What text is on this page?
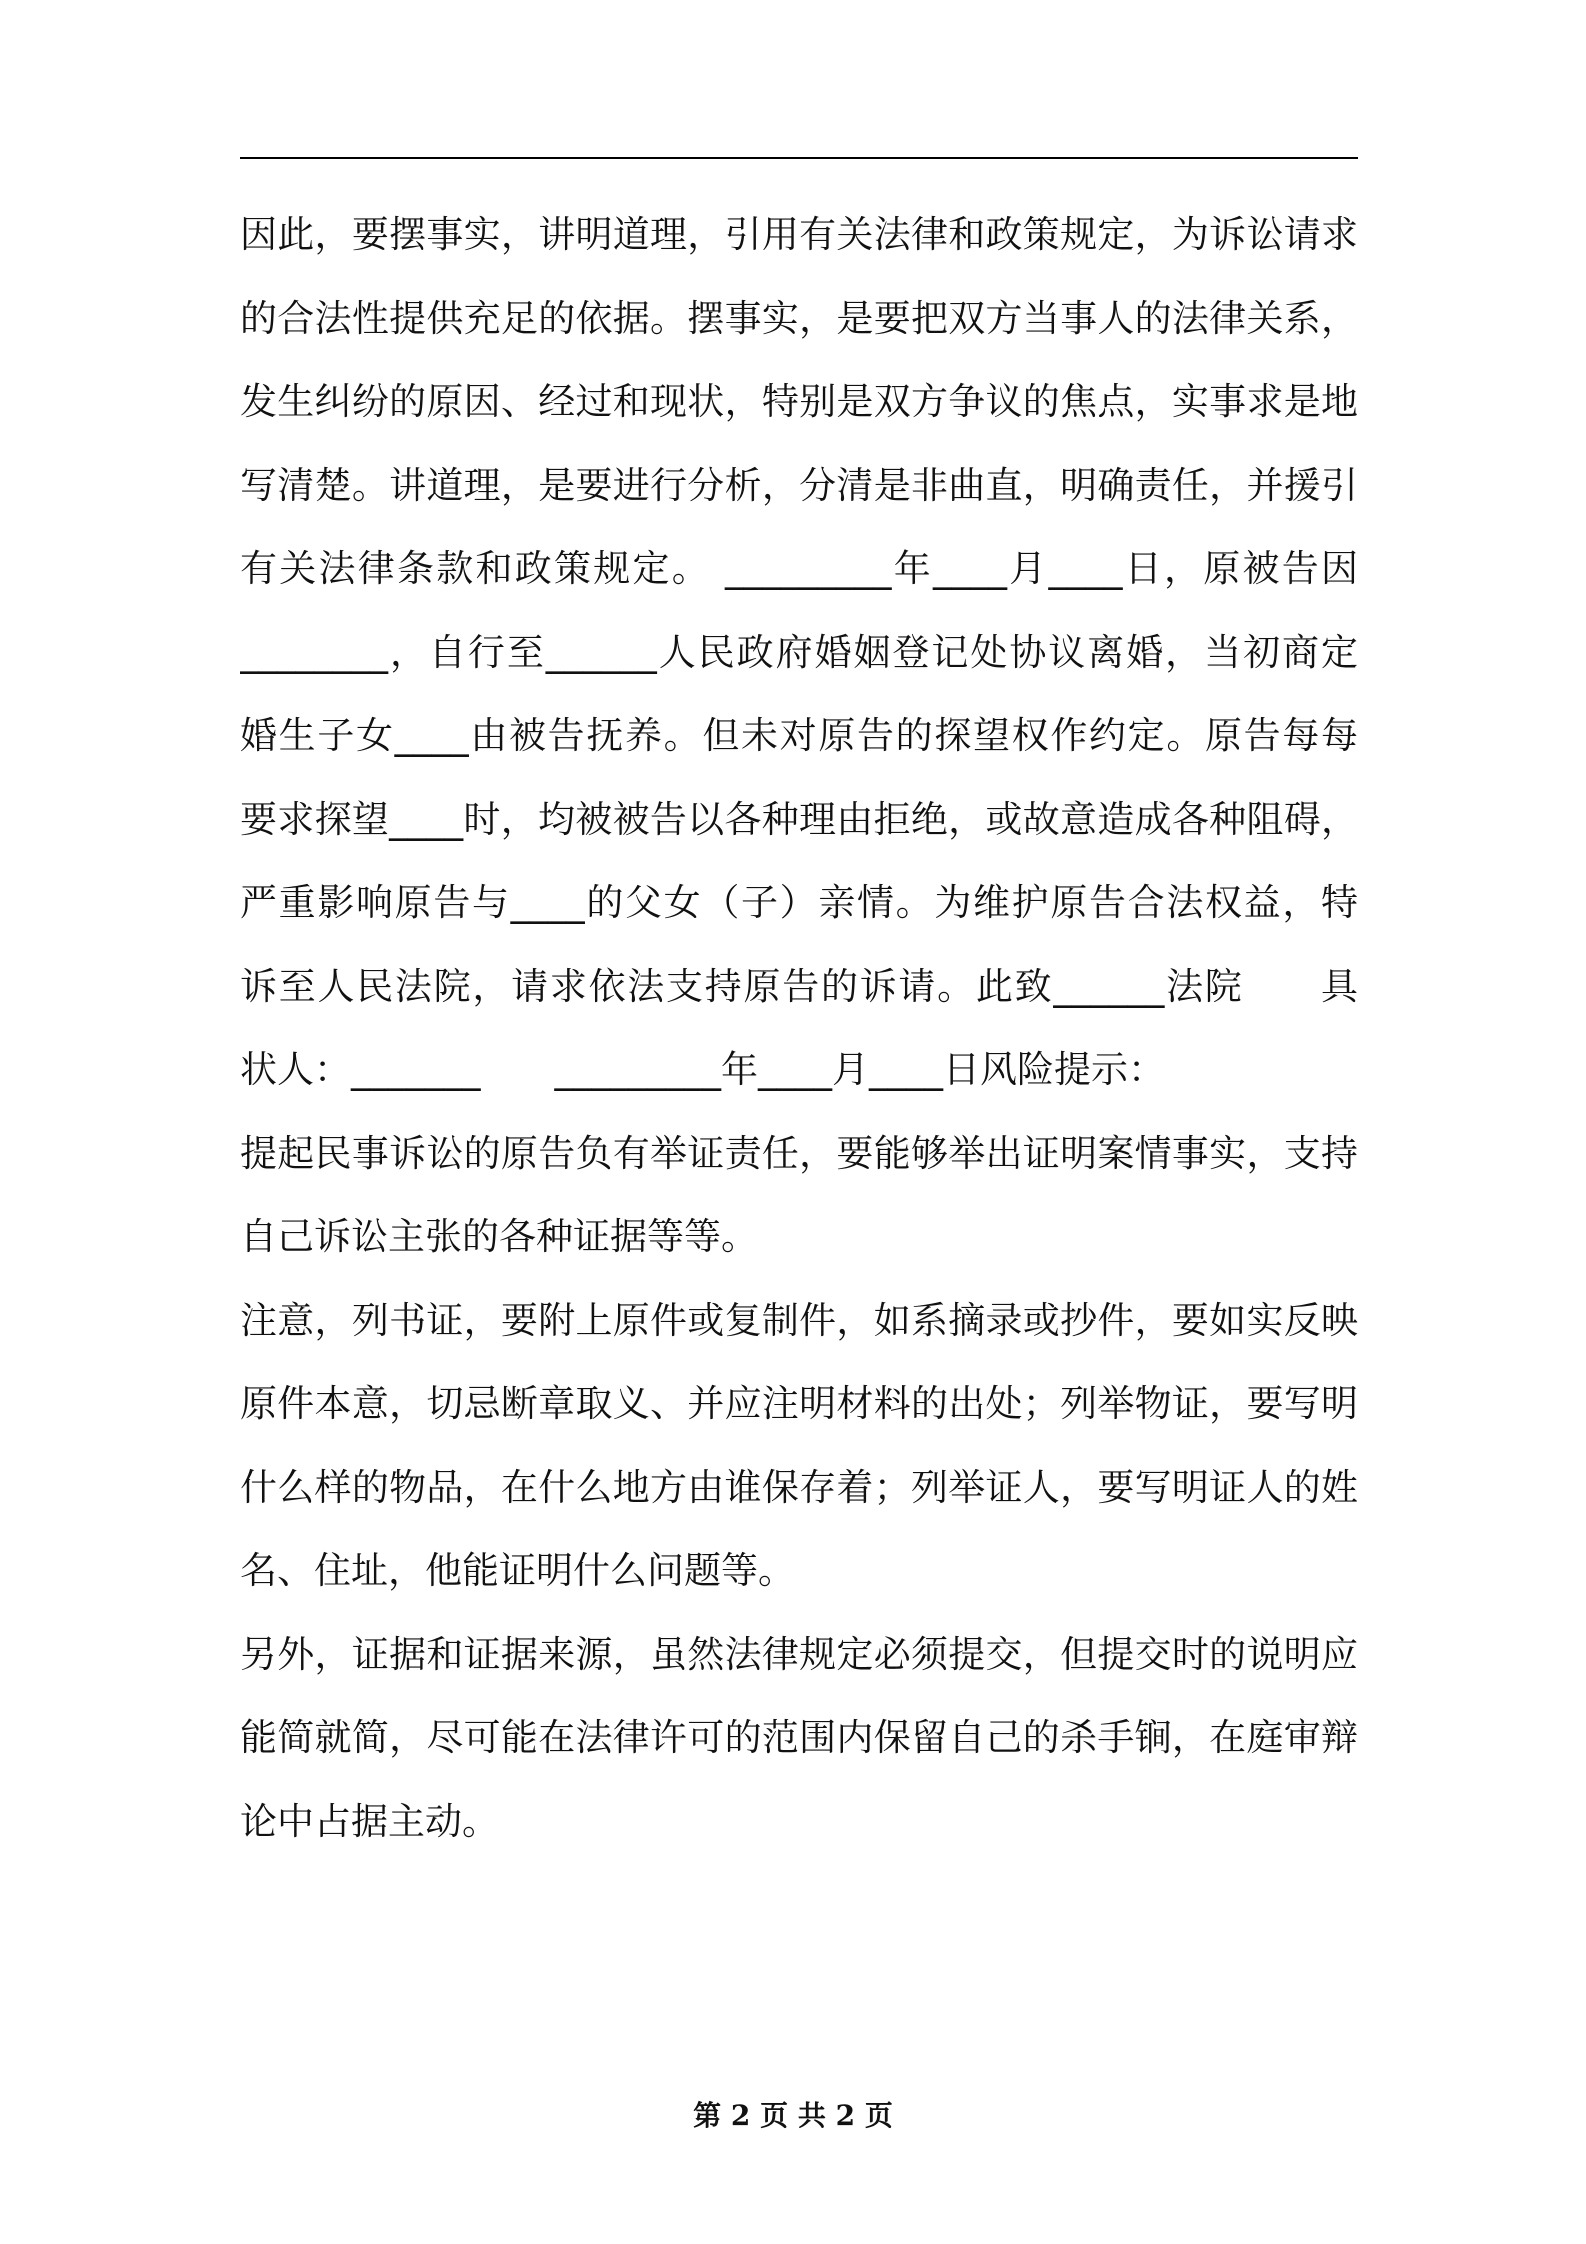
因此，要摆事实，讲明道理，引用有关法律和政策规定，为诉讼请求
的合法性提供充足的依据。摆事实，是要把双方当事人的法律关系，
发生纠纷的原因、经过和现状，特别是双方争议的焦点，实事求是地
写清楚。讲道理，是要进行分析，分清是非曲直，明确责任，并援引
有关法律条款和政策规定。 _________年____月____日，原被告因
________，自行至______人民政府婚姻登记处协议离婚，当初商定
婚生子女____由被告抚养。但未对原告的探望权作约定。原告每每
要求探望____时，均被被告以各种理由拒绝，或故意造成各种阻碍，
严重影响原告与____的父女（子）亲情。为维护原告合法权益，特
诉至人民法院，请求依法支持原告的诉请。此致______法院　　具
状人：_______　　_________年____月____日风险提示：
提起民事诉讼的原告负有举证责任，要能够举出证明案情事实，支持
自己诉讼主张的各种证据等等。
注意，列书证，要附上原件或复制件，如系摘录或抄件，要如实反映
原件本意，切忌断章取义、并应注明材料的出处；列举物证，要写明
什么样的物品，在什么地方由谁保存着；列举证人，要写明证人的姓
名、住址，他能证明什么问题等。
另外，证据和证据来源，虽然法律规定必须提交，但提交时的说明应
能简就简，尽可能在法律许可的范围内保留自己的杀手锏，在庭审辩
论中占据主动。
第 2 页 共 2 页
